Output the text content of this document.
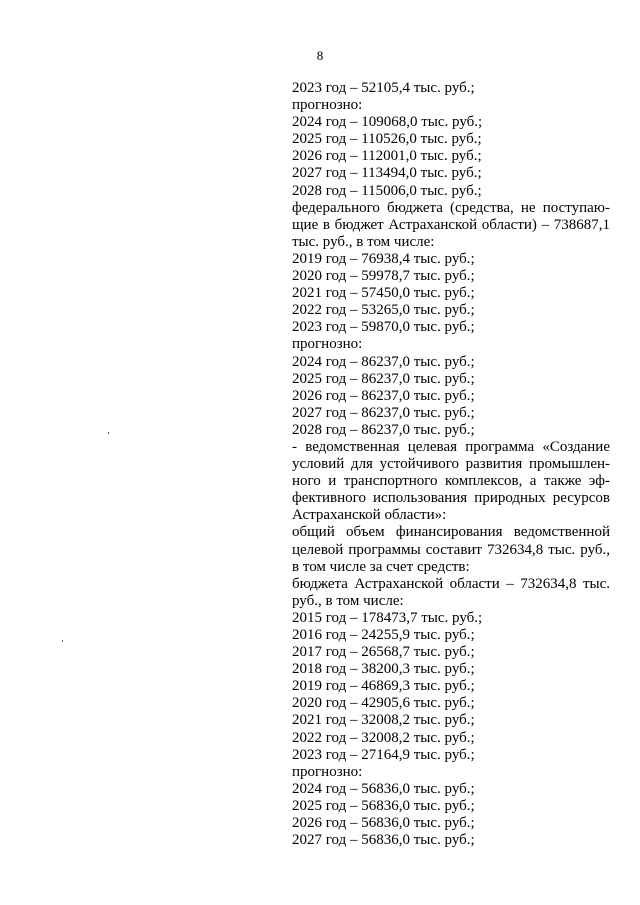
8
2023 год – 52105,4 тыс. руб.;
прогнозно:
2024 год – 109068,0 тыс. руб.;
2025 год – 110526,0 тыс. руб.;
2026 год – 112001,0 тыс. руб.;
2027 год – 113494,0 тыс. руб.;
2028 год – 115006,0 тыс. руб.;
федерального бюджета (средства, не поступаю-
щие в бюджет Астраханской области) – 738687,1
тыс. руб., в том числе:
2019 год – 76938,4 тыс. руб.;
2020 год – 59978,7 тыс. руб.;
2021 год – 57450,0 тыс. руб.;
2022 год – 53265,0 тыс. руб.;
2023 год – 59870,0 тыс. руб.;
прогнозно:
2024 год – 86237,0 тыс. руб.;
2025 год – 86237,0 тыс. руб.;
2026 год – 86237,0 тыс. руб.;
2027 год – 86237,0 тыс. руб.;
2028 год – 86237,0 тыс. руб.;
- ведомственная целевая программа «Создание
условий для устойчивого развития промышлен-
ного и транспортного комплексов, а также эф-
фективного использования природных ресурсов
Астраханской области»:
общий объем финансирования ведомственной
целевой программы составит 732634,8 тыс. руб.,
в том числе за счет средств:
бюджета Астраханской области – 732634,8 тыс.
руб., в том числе:
2015 год – 178473,7 тыс. руб.;
2016 год – 24255,9 тыс. руб.;
2017 год – 26568,7 тыс. руб.;
2018 год – 38200,3 тыс. руб.;
2019 год – 46869,3 тыс. руб.;
2020 год – 42905,6 тыс. руб.;
2021 год – 32008,2 тыс. руб.;
2022 год – 32008,2 тыс. руб.;
2023 год – 27164,9 тыс. руб.;
прогнозно:
2024 год – 56836,0 тыс. руб.;
2025 год – 56836,0 тыс. руб.;
2026 год – 56836,0 тыс. руб.;
2027 год – 56836,0 тыс. руб.;
